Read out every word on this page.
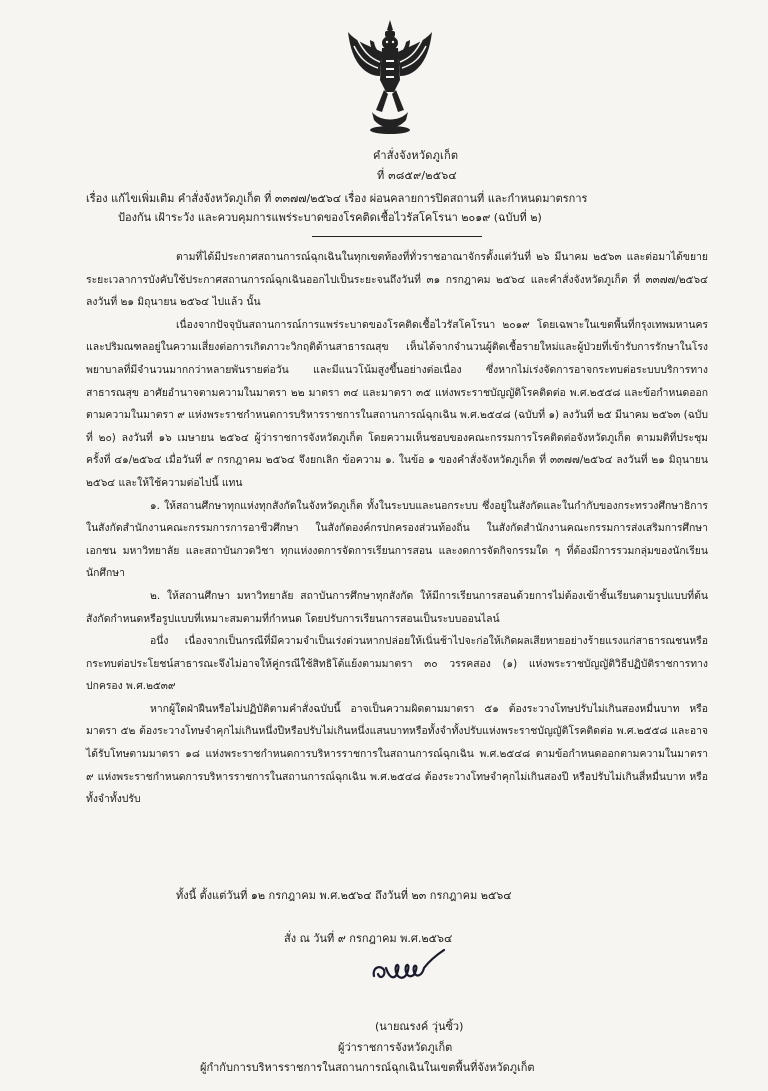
คำสั่งจังหวัดภูเก็ต
ที่ ๓๘๕๙/๒๕๖๔
เรื่อง แก้ไขเพิ่มเติม คำสั่งจังหวัดภูเก็ต ที่ ๓๓๗๗/๒๕๖๔ เรื่อง ผ่อนคลายการปิดสถานที่ และกำหนดมาตรการ
ป้องกัน เฝ้าระวัง และควบคุมการแพร่ระบาดของโรคติดเชื้อไวรัสโคโรนา ๒๐๑๙ (ฉบับที่ ๒)

ตามที่ได้มีประกาศสถานการณ์ฉุกเฉินในทุกเขตท้องที่ทั่วราชอาณาจักรตั้งแต่วันที่ ๒๖ มีนาคม ๒๕๖๓ และต่อมาได้ขยายระยะเวลาการบังคับใช้ประกาศสถานการณ์ฉุกเฉินออกไปเป็นระยะจนถึงวันที่ ๓๑ กรกฎาคม ๒๕๖๔ และคำสั่งจังหวัดภูเก็ต ที่ ๓๓๗๗/๒๕๖๔ ลงวันที่ ๒๑ มิถุนายน ๒๕๖๔ ไปแล้ว นั้น

เนื่องจากปัจจุบันสถานการณ์การแพร่ระบาดของโรคติดเชื้อไวรัสโคโรนา ๒๐๑๙ โดยเฉพาะในเขตพื้นที่กรุงเทพมหานครและปริมณฑลอยู่ในความเสี่ยงต่อการเกิดภาวะวิกฤติด้านสาธารณสุข เห็นได้จากจำนวนผู้ติดเชื้อรายใหม่และผู้ป่วยที่เข้ารับการรักษาในโรงพยาบาลที่มีจำนวนมากกว่าหลายพันรายต่อวัน และมีแนวโน้มสูงขึ้นอย่างต่อเนื่อง ซึ่งหากไม่เร่งจัดการอาจกระทบต่อระบบบริการทางสาธารณสุข อาศัยอำนาจตามความในมาตรา ๒๒ มาตรา ๓๔ และมาตรา ๓๕ แห่งพระราชบัญญัติโรคติดต่อ พ.ศ.๒๕๕๘ และข้อกำหนดออกตามความในมาตรา ๙ แห่งพระราชกำหนดการบริหารราชการในสถานการณ์ฉุกเฉิน พ.ศ.๒๕๔๘ (ฉบับที่ ๑) ลงวันที่ ๒๕ มีนาคม ๒๕๖๓ (ฉบับที่ ๒๐) ลงวันที่ ๑๖ เมษายน ๒๕๖๔ ผู้ว่าราชการจังหวัดภูเก็ต โดยความเห็นชอบของคณะกรรมการโรคติดต่อจังหวัดภูเก็ต ตามมติที่ประชุม ครั้งที่ ๔๑/๒๕๖๔ เมื่อวันที่ ๙ กรกฎาคม ๒๕๖๔ จึงยกเลิก ข้อความ ๑. ในข้อ ๑ ของคำสั่งจังหวัดภูเก็ต ที่ ๓๓๗๗/๒๕๖๔ ลงวันที่ ๒๑ มิถุนายน ๒๕๖๔ และให้ใช้ความต่อไปนี้ แทน

๑. ให้สถานศึกษาทุกแห่งทุกสังกัดในจังหวัดภูเก็ต ทั้งในระบบและนอกระบบ ซึ่งอยู่ในสังกัดและในกำกับของกระทรวงศึกษาธิการ ในสังกัดสำนักงานคณะกรรมการการอาชีวศึกษา ในสังกัดองค์กรปกครองส่วนท้องถิ่น ในสังกัดสำนักงานคณะกรรมการส่งเสริมการศึกษาเอกชน มหาวิทยาลัย และสถาบันกวดวิชา ทุกแห่งงดการจัดการเรียนการสอน และงดการจัดกิจกรรมใด ๆ ที่ต้องมีการรวมกลุ่มของนักเรียน นักศึกษา

๒. ให้สถานศึกษา มหาวิทยาลัย สถาบันการศึกษาทุกสังกัด ให้มีการเรียนการสอนด้วยการไม่ต้องเข้าชั้นเรียนตามรูปแบบที่ต้นสังกัดกำหนดหรือรูปแบบที่เหมาะสมตามที่กำหนด โดยปรับการเรียนการสอนเป็นระบบออนไลน์

อนึ่ง เนื่องจากเป็นกรณีที่มีความจำเป็นเร่งด่วนหากปล่อยให้เนิ่นช้าไปจะก่อให้เกิดผลเสียหายอย่างร้ายแรงแก่สาธารณชนหรือกระทบต่อประโยชน์สาธารณะจึงไม่อาจให้คู่กรณีใช้สิทธิโต้แย้งตามมาตรา ๓๐ วรรคสอง (๑) แห่งพระราชบัญญัติวิธีปฏิบัติราชการทางปกครอง พ.ศ.๒๕๓๙

หากผู้ใดฝ่าฝืนหรือไม่ปฏิบัติตามคำสั่งฉบับนี้ อาจเป็นความผิดตามมาตรา ๕๑ ต้องระวางโทษปรับไม่เกินสองหมื่นบาท หรือมาตรา ๕๒ ต้องระวางโทษจำคุกไม่เกินหนึ่งปีหรือปรับไม่เกินหนึ่งแสนบาทหรือทั้งจำทั้งปรับแห่งพระราชบัญญัติโรคติดต่อ พ.ศ.๒๕๕๘ และอาจได้รับโทษตามมาตรา ๑๘ แห่งพระราชกำหนดการบริหารราชการในสถานการณ์ฉุกเฉิน พ.ศ.๒๕๔๘ ตามข้อกำหนดออกตามความในมาตรา ๙ แห่งพระราชกำหนดการบริหารราชการในสถานการณ์ฉุกเฉิน พ.ศ.๒๕๔๘ ต้องระวางโทษจำคุกไม่เกินสองปี หรือปรับไม่เกินสี่หมื่นบาท หรือทั้งจำทั้งปรับ

ทั้งนี้ ตั้งแต่วันที่ ๑๒ กรกฎาคม พ.ศ.๒๕๖๔ ถึงวันที่ ๒๓ กรกฎาคม ๒๕๖๔
สั่ง ณ วันที่ ๙ กรกฎาคม พ.ศ.๒๕๖๔
(นายณรงค์ วุ่นซิ้ว)
ผู้ว่าราชการจังหวัดภูเก็ต
ผู้กำกับการบริหารราชการในสถานการณ์ฉุกเฉินในเขตพื้นที่จังหวัดภูเก็ต
